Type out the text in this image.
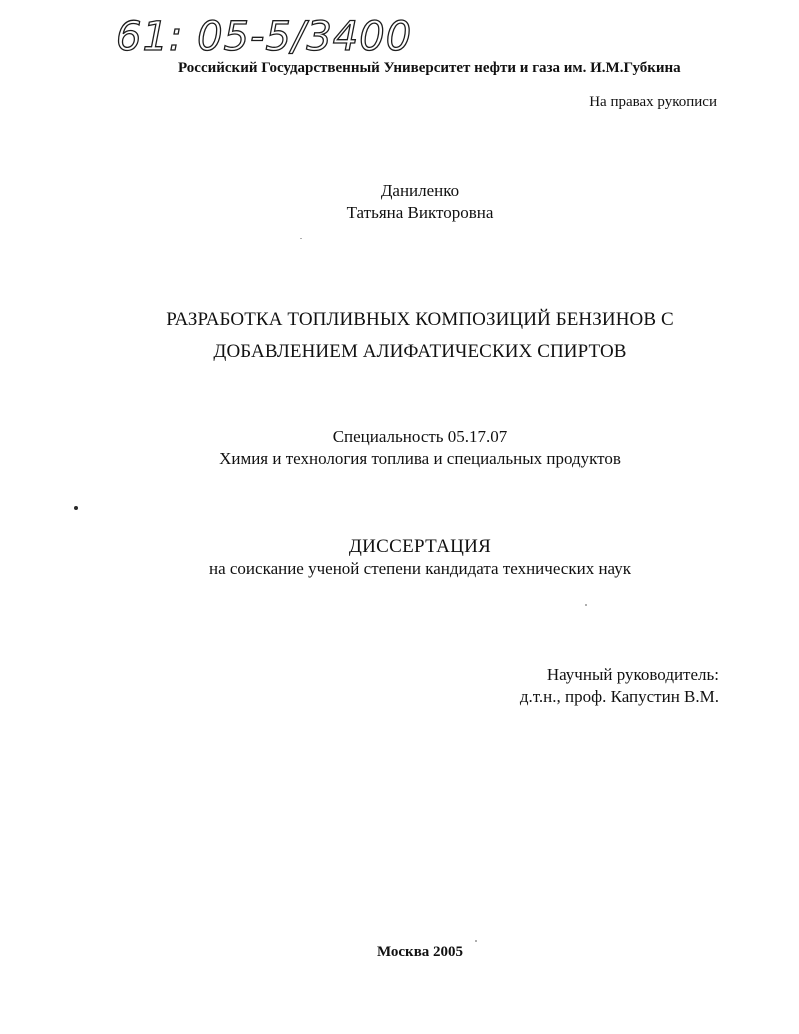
61: 05-5/3400
Российский Государственный Университет нефти и газа им. И.М.Губкина
На правах рукописи
Даниленко
Татьяна Викторовна
РАЗРАБОТКА ТОПЛИВНЫХ КОМПОЗИЦИЙ БЕНЗИНОВ С
ДОБАВЛЕНИЕМ АЛИФАТИЧЕСКИХ СПИРТОВ
Специальность 05.17.07
Химия и технология топлива и специальных продуктов
ДИССЕРТАЦИЯ
на соискание ученой степени кандидата технических наук
Научный руководитель:
д.т.н., проф. Капустин В.М.
Москва 2005
